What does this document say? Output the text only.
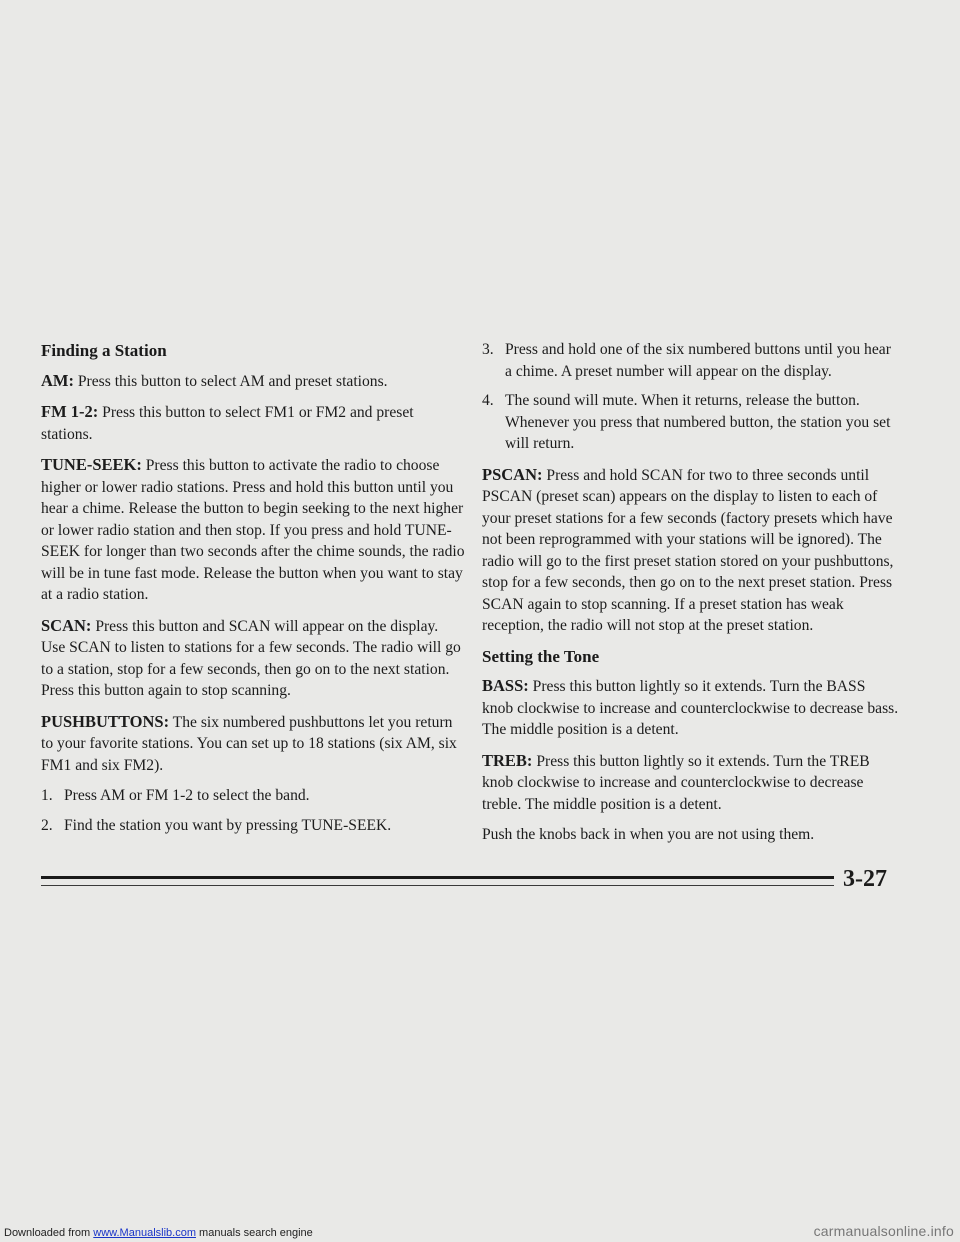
Finding a Station

AM: Press this button to select AM and preset stations.

FM 1-2: Press this button to select FM1 or FM2 and preset stations.

TUNE-SEEK: Press this button to activate the radio to choose higher or lower radio stations. Press and hold this button until you hear a chime. Release the button to begin seeking to the next higher or lower radio station and then stop. If you press and hold TUNE-SEEK for longer than two seconds after the chime sounds, the radio will be in tune fast mode. Release the button when you want to stay at a radio station.

SCAN: Press this button and SCAN will appear on the display. Use SCAN to listen to stations for a few seconds. The radio will go to a station, stop for a few seconds, then go on to the next station. Press this button again to stop scanning.

PUSHBUTTONS: The six numbered pushbuttons let you return to your favorite stations. You can set up to 18 stations (six AM, six FM1 and six FM2).

1. Press AM or FM 1-2 to select the band.
2. Find the station you want by pressing TUNE-SEEK.
3. Press and hold one of the six numbered buttons until you hear a chime. A preset number will appear on the display.
4. The sound will mute. When it returns, release the button. Whenever you press that numbered button, the station you set will return.

PSCAN: Press and hold SCAN for two to three seconds until PSCAN (preset scan) appears on the display to listen to each of your preset stations for a few seconds (factory presets which have not been reprogrammed with your stations will be ignored). The radio will go to the first preset station stored on your pushbuttons, stop for a few seconds, then go on to the next preset station. Press SCAN again to stop scanning. If a preset station has weak reception, the radio will not stop at the preset station.

Setting the Tone

BASS: Press this button lightly so it extends. Turn the BASS knob clockwise to increase and counterclockwise to decrease bass. The middle position is a detent.

TREB: Press this button lightly so it extends. Turn the TREB knob clockwise to increase and counterclockwise to decrease treble. The middle position is a detent.

Push the knobs back in when you are not using them.

3-27
Downloaded from www.Manualslib.com manuals search engine	carmanualsonline.info
